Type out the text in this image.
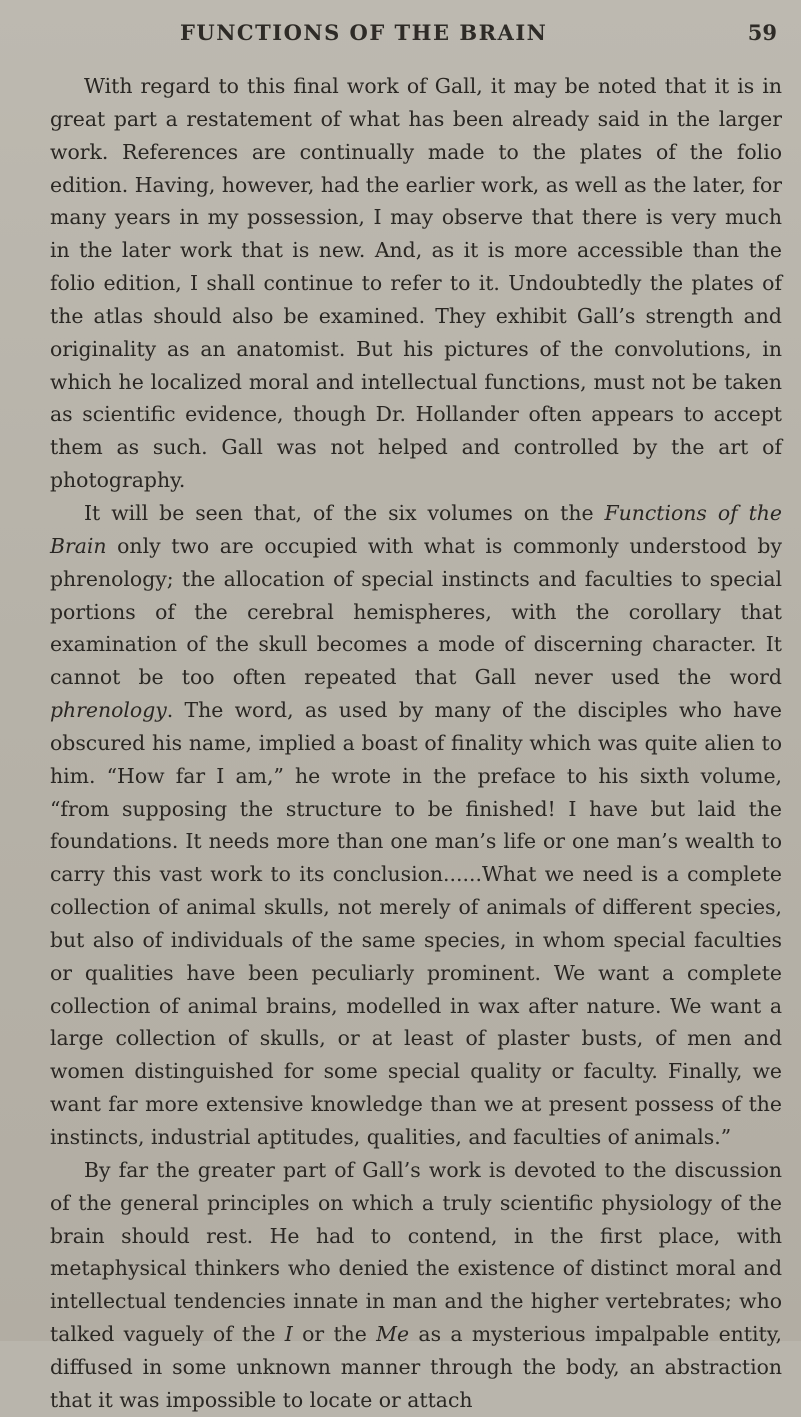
FUNCTIONS OF THE BRAIN	59

With regard to this final work of Gall, it may be noted that it is in great part a restatement of what has been already said in the larger work. References are continually made to the plates of the folio edition. Having, however, had the earlier work, as well as the later, for many years in my possession, I may observe that there is very much in the later work that is new. And, as it is more accessible than the folio edition, I shall continue to refer to it. Undoubtedly the plates of the atlas should also be examined. They exhibit Gall’s strength and originality as an anatomist. But his pictures of the convolutions, in which he localized moral and intellectual functions, must not be taken as scientific evidence, though Dr. Hollander often appears to accept them as such. Gall was not helped and controlled by the art of photography.

It will be seen that, of the six volumes on the Functions of the Brain only two are occupied with what is commonly understood by phrenology; the allocation of special instincts and faculties to special portions of the cerebral hemispheres, with the corollary that examination of the skull becomes a mode of discerning character. It cannot be too often repeated that Gall never used the word phrenology. The word, as used by many of the disciples who have obscured his name, implied a boast of finality which was quite alien to him. “How far I am,” he wrote in the preface to his sixth volume, “from supposing the structure to be finished! I have but laid the foundations. It needs more than one man’s life or one man’s wealth to carry this vast work to its conclusion......What we need is a complete collection of animal skulls, not merely of animals of different species, but also of individuals of the same species, in whom special faculties or qualities have been peculiarly prominent. We want a complete collection of animal brains, modelled in wax after nature. We want a large collection of skulls, or at least of plaster busts, of men and women distinguished for some special quality or faculty. Finally, we want far more extensive knowledge than we at present possess of the instincts, industrial aptitudes, qualities, and faculties of animals.”

By far the greater part of Gall’s work is devoted to the discussion of the general principles on which a truly scientific physiology of the brain should rest. He had to contend, in the first place, with metaphysical thinkers who denied the existence of distinct moral and intellectual tendencies innate in man and the higher vertebrates; who talked vaguely of the I or the Me as a mysterious impalpable entity, diffused in some unknown manner through the body, an abstraction that it was impossible to locate or attach
